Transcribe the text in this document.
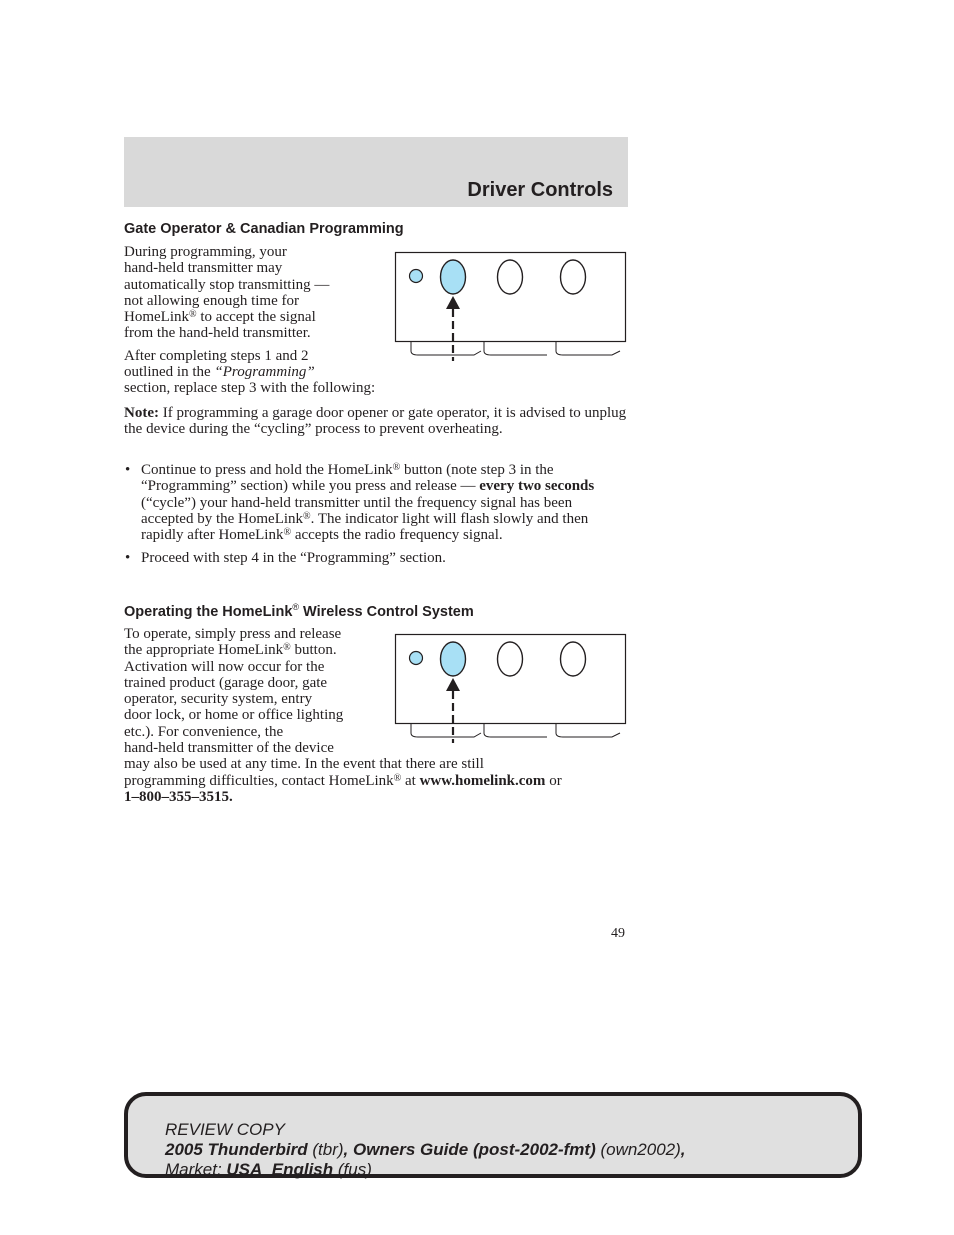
Driver Controls
Gate Operator & Canadian Programming

During programming, your

hand-held transmitter may

automatically stop transmitting —

not allowing enough time for

HomeLink® to accept the signal

from the hand-held transmitter.

After completing steps 1 and 2

outlined in the “Programming”

section, replace step 3 with the following:

Note: If programming a garage door opener or gate operator, it is advised to unplug the device during the “cycling” process to prevent overheating.

• Continue to press and hold the HomeLink® button (note step 3 in the “Programming” section) while you press and release — every two seconds (“cycle”) your hand-held transmitter until the frequency signal has been accepted by the HomeLink®. The indicator light will flash slowly and then rapidly after HomeLink® accepts the radio frequency signal.
• Proceed with step 4 in the “Programming” section.
Operating the HomeLink® Wireless Control System

To operate, simply press and release

the appropriate HomeLink® button.

Activation will now occur for the

trained product (garage door, gate

operator, security system, entry

door lock, or home or office lighting

etc.). For convenience, the

hand-held transmitter of the device

may also be used at any time. In the event that there are still

programming difficulties, contact HomeLink® at www.homelink.com or

1–800–355–3515.

49
REVIEW COPY
2005 Thunderbird (tbr), Owners Guide (post-2002-fmt) (own2002),
Market: USA_English (fus)
